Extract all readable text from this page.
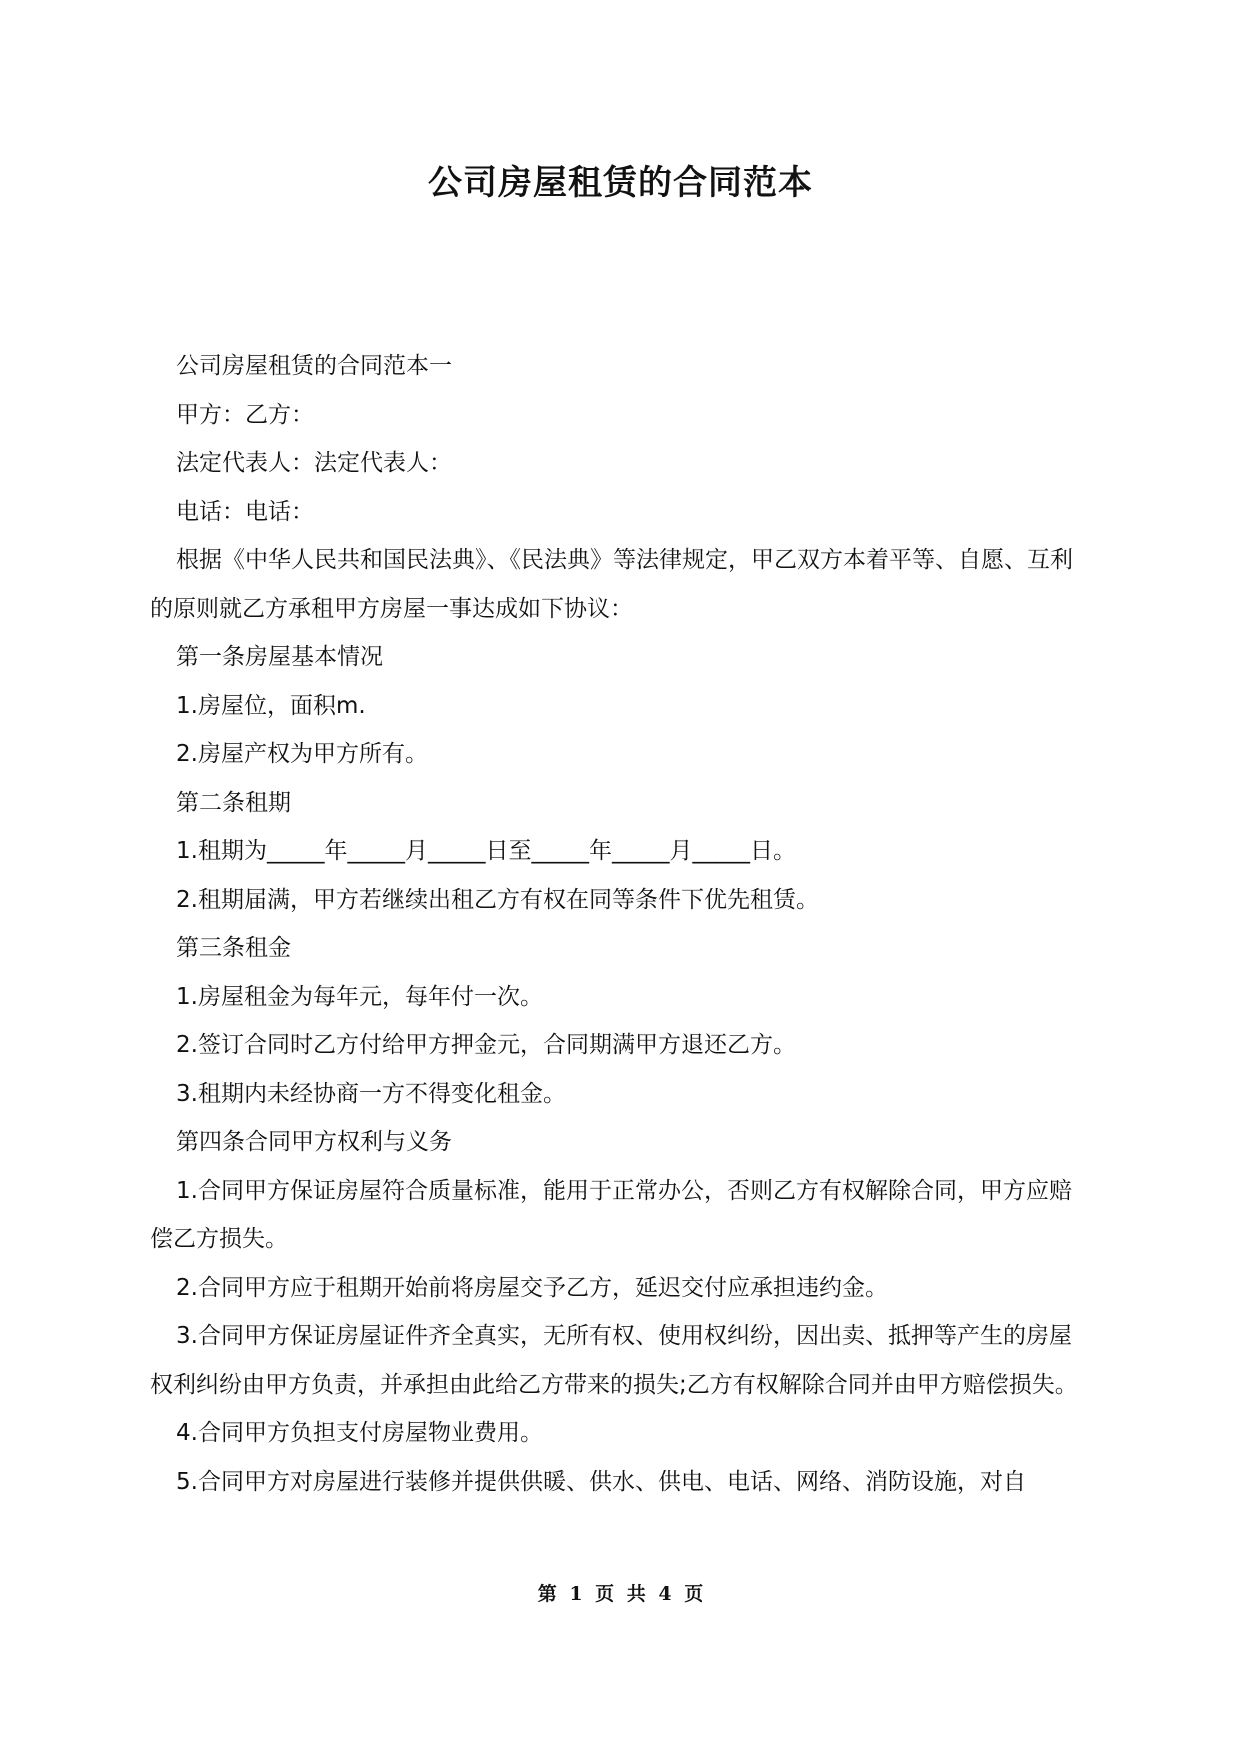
公司房屋租赁的合同范本

公司房屋租赁的合同范本一

甲方：乙方：

法定代表人：法定代表人：

电话：电话：

根据《中华人民共和国民法典》、《民法典》等法律规定，甲乙双方本着平等、自愿、互利的原则就乙方承租甲方房屋一事达成如下协议：

第一条房屋基本情况

1.房屋位，面积m.

2.房屋产权为甲方所有。

第二条租期

1.租期为_____年_____月_____日至_____年_____月_____日。

2.租期届满，甲方若继续出租乙方有权在同等条件下优先租赁。

第三条租金

1.房屋租金为每年元，每年付一次。

2.签订合同时乙方付给甲方押金元，合同期满甲方退还乙方。

3.租期内未经协商一方不得变化租金。

第四条合同甲方权利与义务

1.合同甲方保证房屋符合质量标准，能用于正常办公，否则乙方有权解除合同，甲方应赔偿乙方损失。

2.合同甲方应于租期开始前将房屋交予乙方，延迟交付应承担违约金。

3.合同甲方保证房屋证件齐全真实，无所有权、使用权纠纷，因出卖、抵押等产生的房屋权利纠纷由甲方负责，并承担由此给乙方带来的损失;乙方有权解除合同并由甲方赔偿损失。

4.合同甲方负担支付房屋物业费用。

5.合同甲方对房屋进行装修并提供供暖、供水、供电、电话、网络、消防设施，对自

第 1 页 共 4 页
